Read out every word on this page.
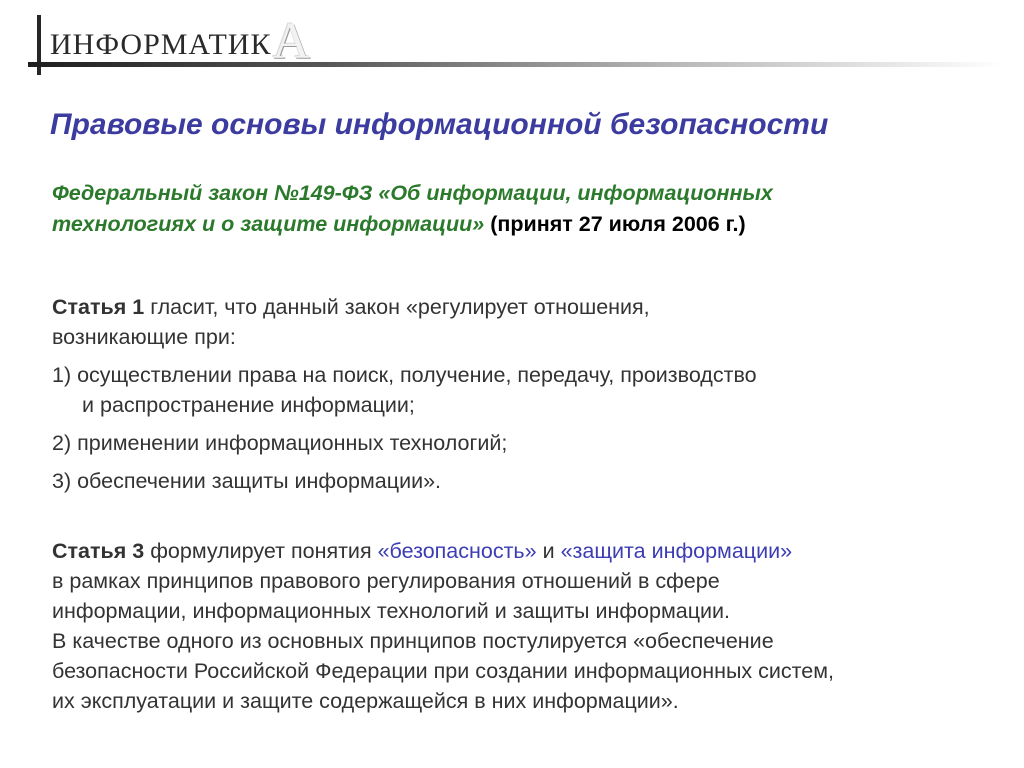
ИНФОРМАТИКА
Правовые основы информационной безопасности

Федеральный закон №149-ФЗ «Об информации, информационных
технологиях и о защите информации» (принят 27 июля 2006 г.)

Статья 1 гласит, что данный закон «регулирует отношения,
возникающие при:

1) осуществлении права на поиск, получение, передачу, производство
и распространение информации;

2) применении информационных технологий;

3) обеспечении защиты информации».

Статья 3 формулирует понятия «безопасность» и «защита информации»
в рамках принципов правового регулирования отношений в сфере
информации, информационных технологий и защиты информации.
В качестве одного из основных принципов постулируется «обеспечение
безопасности Российской Федерации при создании информационных систем,
их эксплуатации и защите содержащейся в них информации».
